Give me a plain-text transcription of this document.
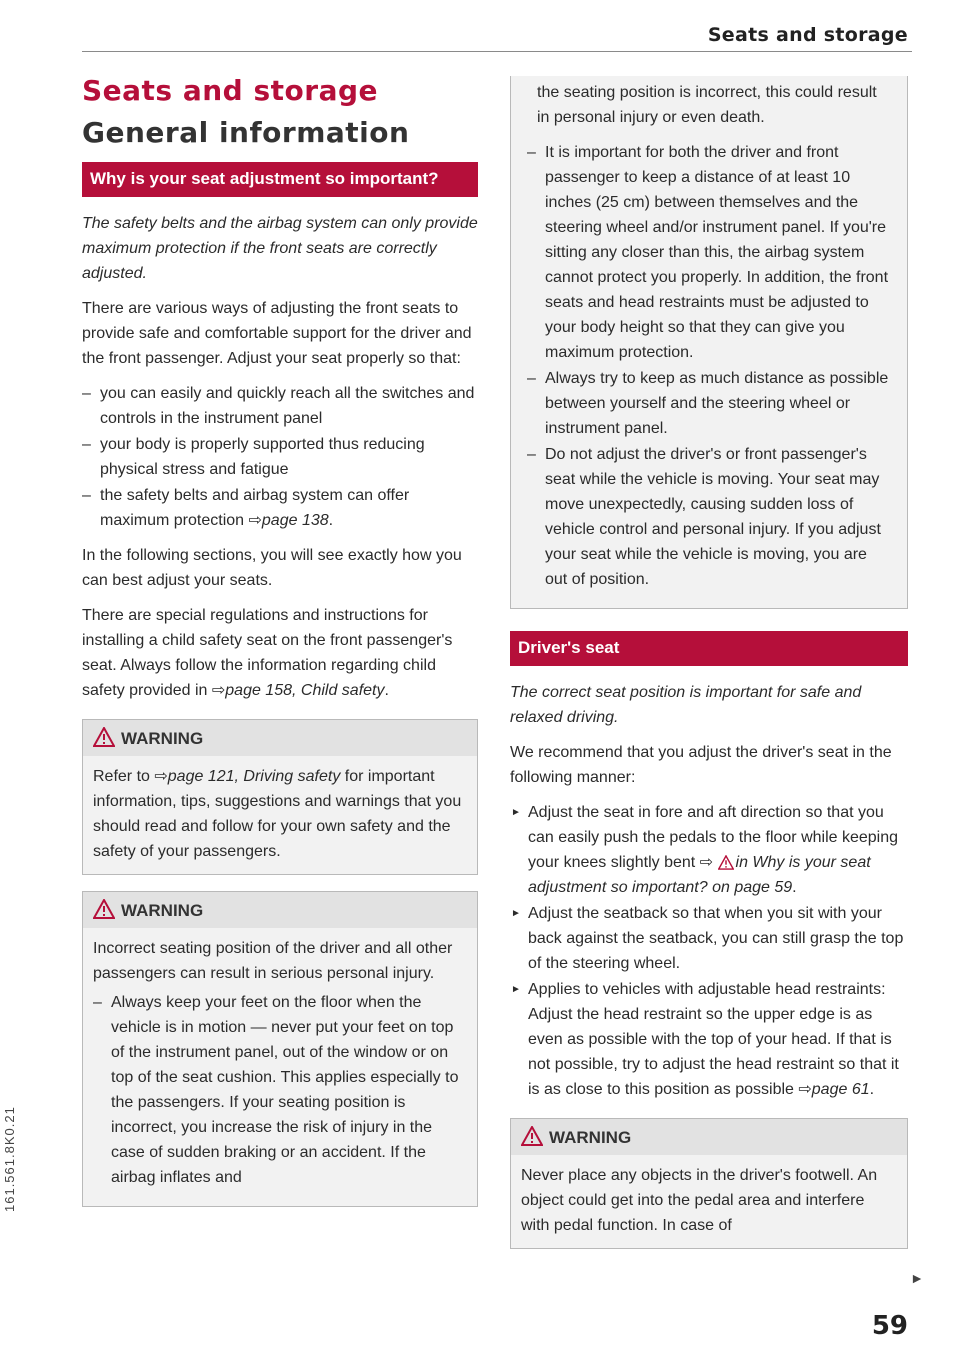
Seats and storage
Seats and storage
General information
Why is your seat adjustment so important?

The safety belts and the airbag system can only provide maximum protection if the front seats are correctly adjusted.

There are various ways of adjusting the front seats to provide safe and comfortable support for the driver and the front passenger. Adjust your seat properly so that:

– you can easily and quickly reach all the switches and controls in the instrument panel
– your body is properly supported thus reducing physical stress and fatigue
– the safety belts and airbag system can offer maximum protection ⇨page 138.

In the following sections, you will see exactly how you can best adjust your seats.

There are special regulations and instructions for installing a child safety seat on the front passenger's seat. Always follow the information regarding child safety provided in ⇨page 158, Child safety.

WARNING

Refer to ⇨page 121, Driving safety for important information, tips, suggestions and warnings that you should read and follow for your own safety and the safety of your passengers.

WARNING

Incorrect seating position of the driver and all other passengers can result in serious personal injury.

– Always keep your feet on the floor when the vehicle is in motion — never put your feet on top of the instrument panel, out of the window or on top of the seat cushion. This applies especially to the passengers. If your seating position is incorrect, you increase the risk of injury in the case of sudden braking or an accident. If the airbag inflates and

the seating position is incorrect, this could result in personal injury or even death.

– It is important for both the driver and front passenger to keep a distance of at least 10 inches (25 cm) between themselves and the steering wheel and/or instrument panel. If you're sitting any closer than this, the airbag system cannot protect you properly. In addition, the front seats and head restraints must be adjusted to your body height so that they can give you maximum protection.
– Always try to keep as much distance as possible between yourself and the steering wheel or instrument panel.
– Do not adjust the driver's or front passenger's seat while the vehicle is moving. Your seat may move unexpectedly, causing sudden loss of vehicle control and personal injury. If you adjust your seat while the vehicle is moving, you are out of position.
Driver's seat

The correct seat position is important for safe and relaxed driving.

We recommend that you adjust the driver's seat in the following manner:

► Adjust the seat in fore and aft direction so that you can easily push the pedals to the floor while keeping your knees slightly bent ⇨ in Why is your seat adjustment so important? on page 59.
► Adjust the seatback so that when you sit with your back against the seatback, you can still grasp the top of the steering wheel.
► Applies to vehicles with adjustable head restraints: Adjust the head restraint so the upper edge is as even as possible with the top of your head. If that is not possible, try to adjust the head restraint so that it is as close to this position as possible ⇨page 61.
WARNING

Never place any objects in the driver's footwell. An object could get into the pedal area and interfere with pedal function. In case of

►
59
161.561.8K0.21
